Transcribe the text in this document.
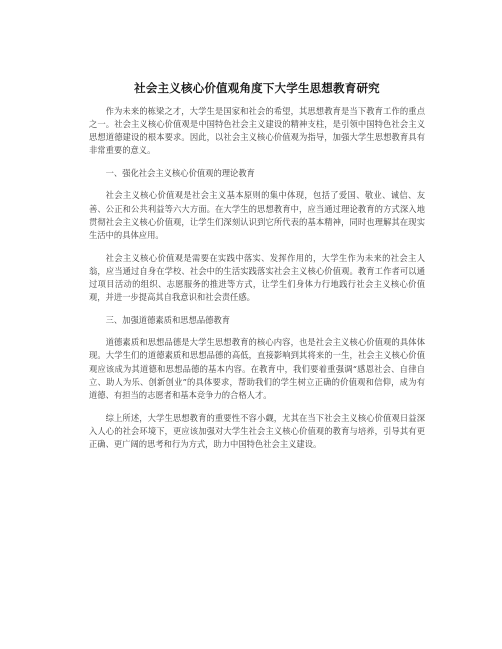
社会主义核心价值观角度下大学生思想教育研究

作为未来的栋梁之才，大学生是国家和社会的希望，其思想教育是当下教育工作的重点之一。社会主义核心价值观是中国特色社会主义建设的精神支柱，是引领中国特色社会主义思想道德建设的根本要求。因此，以社会主义核心价值观为指导，加强大学生思想教育具有非常重要的意义。

一、强化社会主义核心价值观的理论教育

社会主义核心价值观是社会主义基本原则的集中体现，包括了爱国、敬业、诚信、友善、公正和公共利益等六大方面。在大学生的思想教育中，应当通过理论教育的方式深入地贯彻社会主义核心价值观，让学生们深刻认识到它所代表的基本精神，同时也理解其在现实生活中的具体应用。

社会主义核心价值观是需要在实践中落实、发挥作用的，大学生作为未来的社会主人翁，应当通过自身在学校、社会中的生活实践落实社会主义核心价值观。教育工作者可以通过项目活动的组织、志愿服务的推进等方式，让学生们身体力行地践行社会主义核心价值观，并进一步提高其自我意识和社会责任感。

三、加强道德素质和思想品德教育

道德素质和思想品德是大学生思想教育的核心内容，也是社会主义核心价值观的具体体现。大学生们的道德素质和思想品德的高低，直接影响到其将来的一生，社会主义核心价值观应该成为其道德和思想品德的基本内容。在教育中，我们要着重强调“感恩社会、自律自立、助人为乐、创新创业”的具体要求，帮助我们的学生树立正确的价值观和信仰，成为有道德、有担当的志愿者和基本竞争力的合格人才。

综上所述，大学生思想教育的重要性不容小觑，尤其在当下社会主义核心价值观日益深入人心的社会环境下，更应该加强对大学生社会主义核心价值观的教育与培养，引导其有更正确、更广阔的思考和行为方式，助力中国特色社会主义建设。
